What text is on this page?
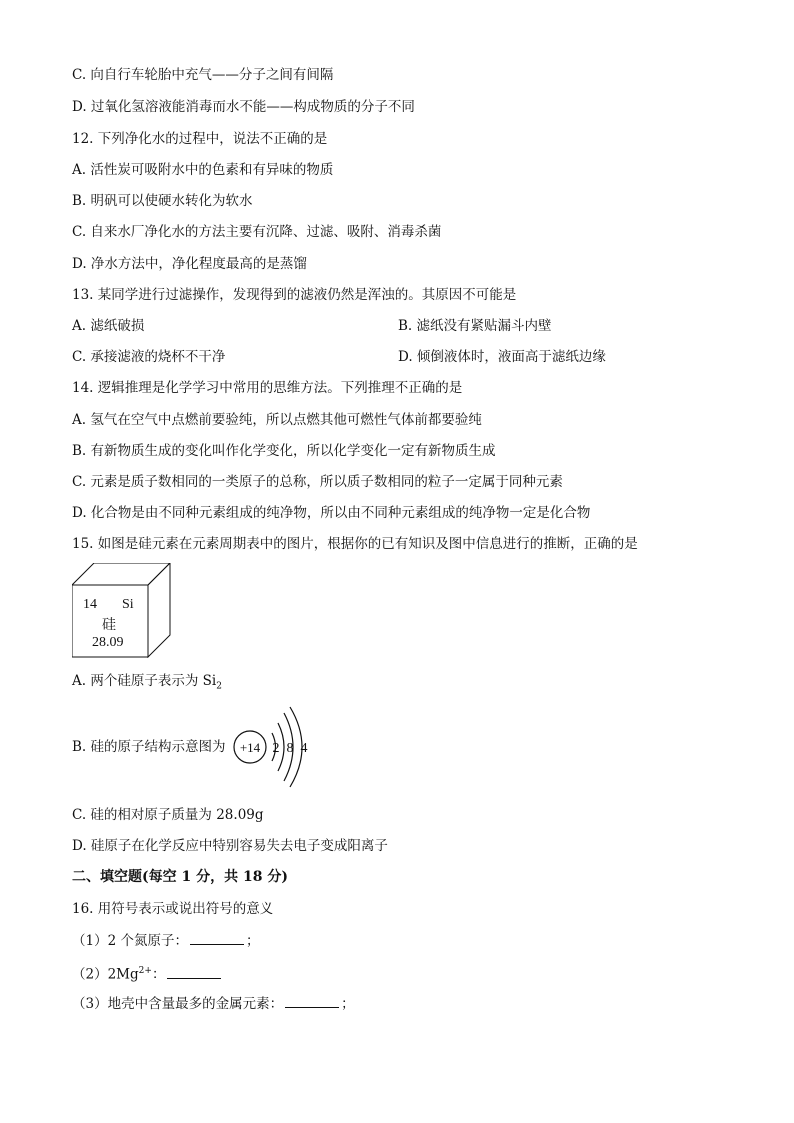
C. 向自行车轮胎中充气——分子之间有间隔
D. 过氧化氢溶液能消毒而水不能——构成物质的分子不同
12. 下列净化水的过程中，说法不正确的是
A. 活性炭可吸附水中的色素和有异味的物质
B. 明矾可以使硬水转化为软水
C. 自来水厂净化水的方法主要有沉降、过滤、吸附、消毒杀菌
D. 净水方法中，净化程度最高的是蒸馏
13. 某同学进行过滤操作，发现得到的滤液仍然是浑浊的。其原因不可能是
A. 滤纸破损	B. 滤纸没有紧贴漏斗内壁
C. 承接滤液的烧杯不干净	D. 倾倒液体时，液面高于滤纸边缘
14. 逻辑推理是化学学习中常用的思维方法。下列推理不正确的是
A. 氢气在空气中点燃前要验纯，所以点燃其他可燃性气体前都要验纯
B. 有新物质生成的变化叫作化学变化，所以化学变化一定有新物质生成
C. 元素是质子数相同的一类原子的总称，所以质子数相同的粒子一定属于同种元素
D. 化合物是由不同种元素组成的纯净物，所以由不同种元素组成的纯净物一定是化合物
15. 如图是硅元素在元素周期表中的图片，根据你的已有知识及图中信息进行的推断，正确的是
14 Si
硅
28.09
A. 两个硅原子表示为 $Si_2$
B. 硅的原子结构示意图为 +14 2 8 4
C. 硅的相对原子质量为 28.09g
D. 硅原子在化学反应中特别容易失去电子变成阳离子
二、填空题(每空 1 分，共 18 分)
16. 用符号表示或说出符号的意义
（1）2 个氮原子：	；
$(2)2Mg^{2+}$：
（3）地壳中含量最多的金属元素：	；
